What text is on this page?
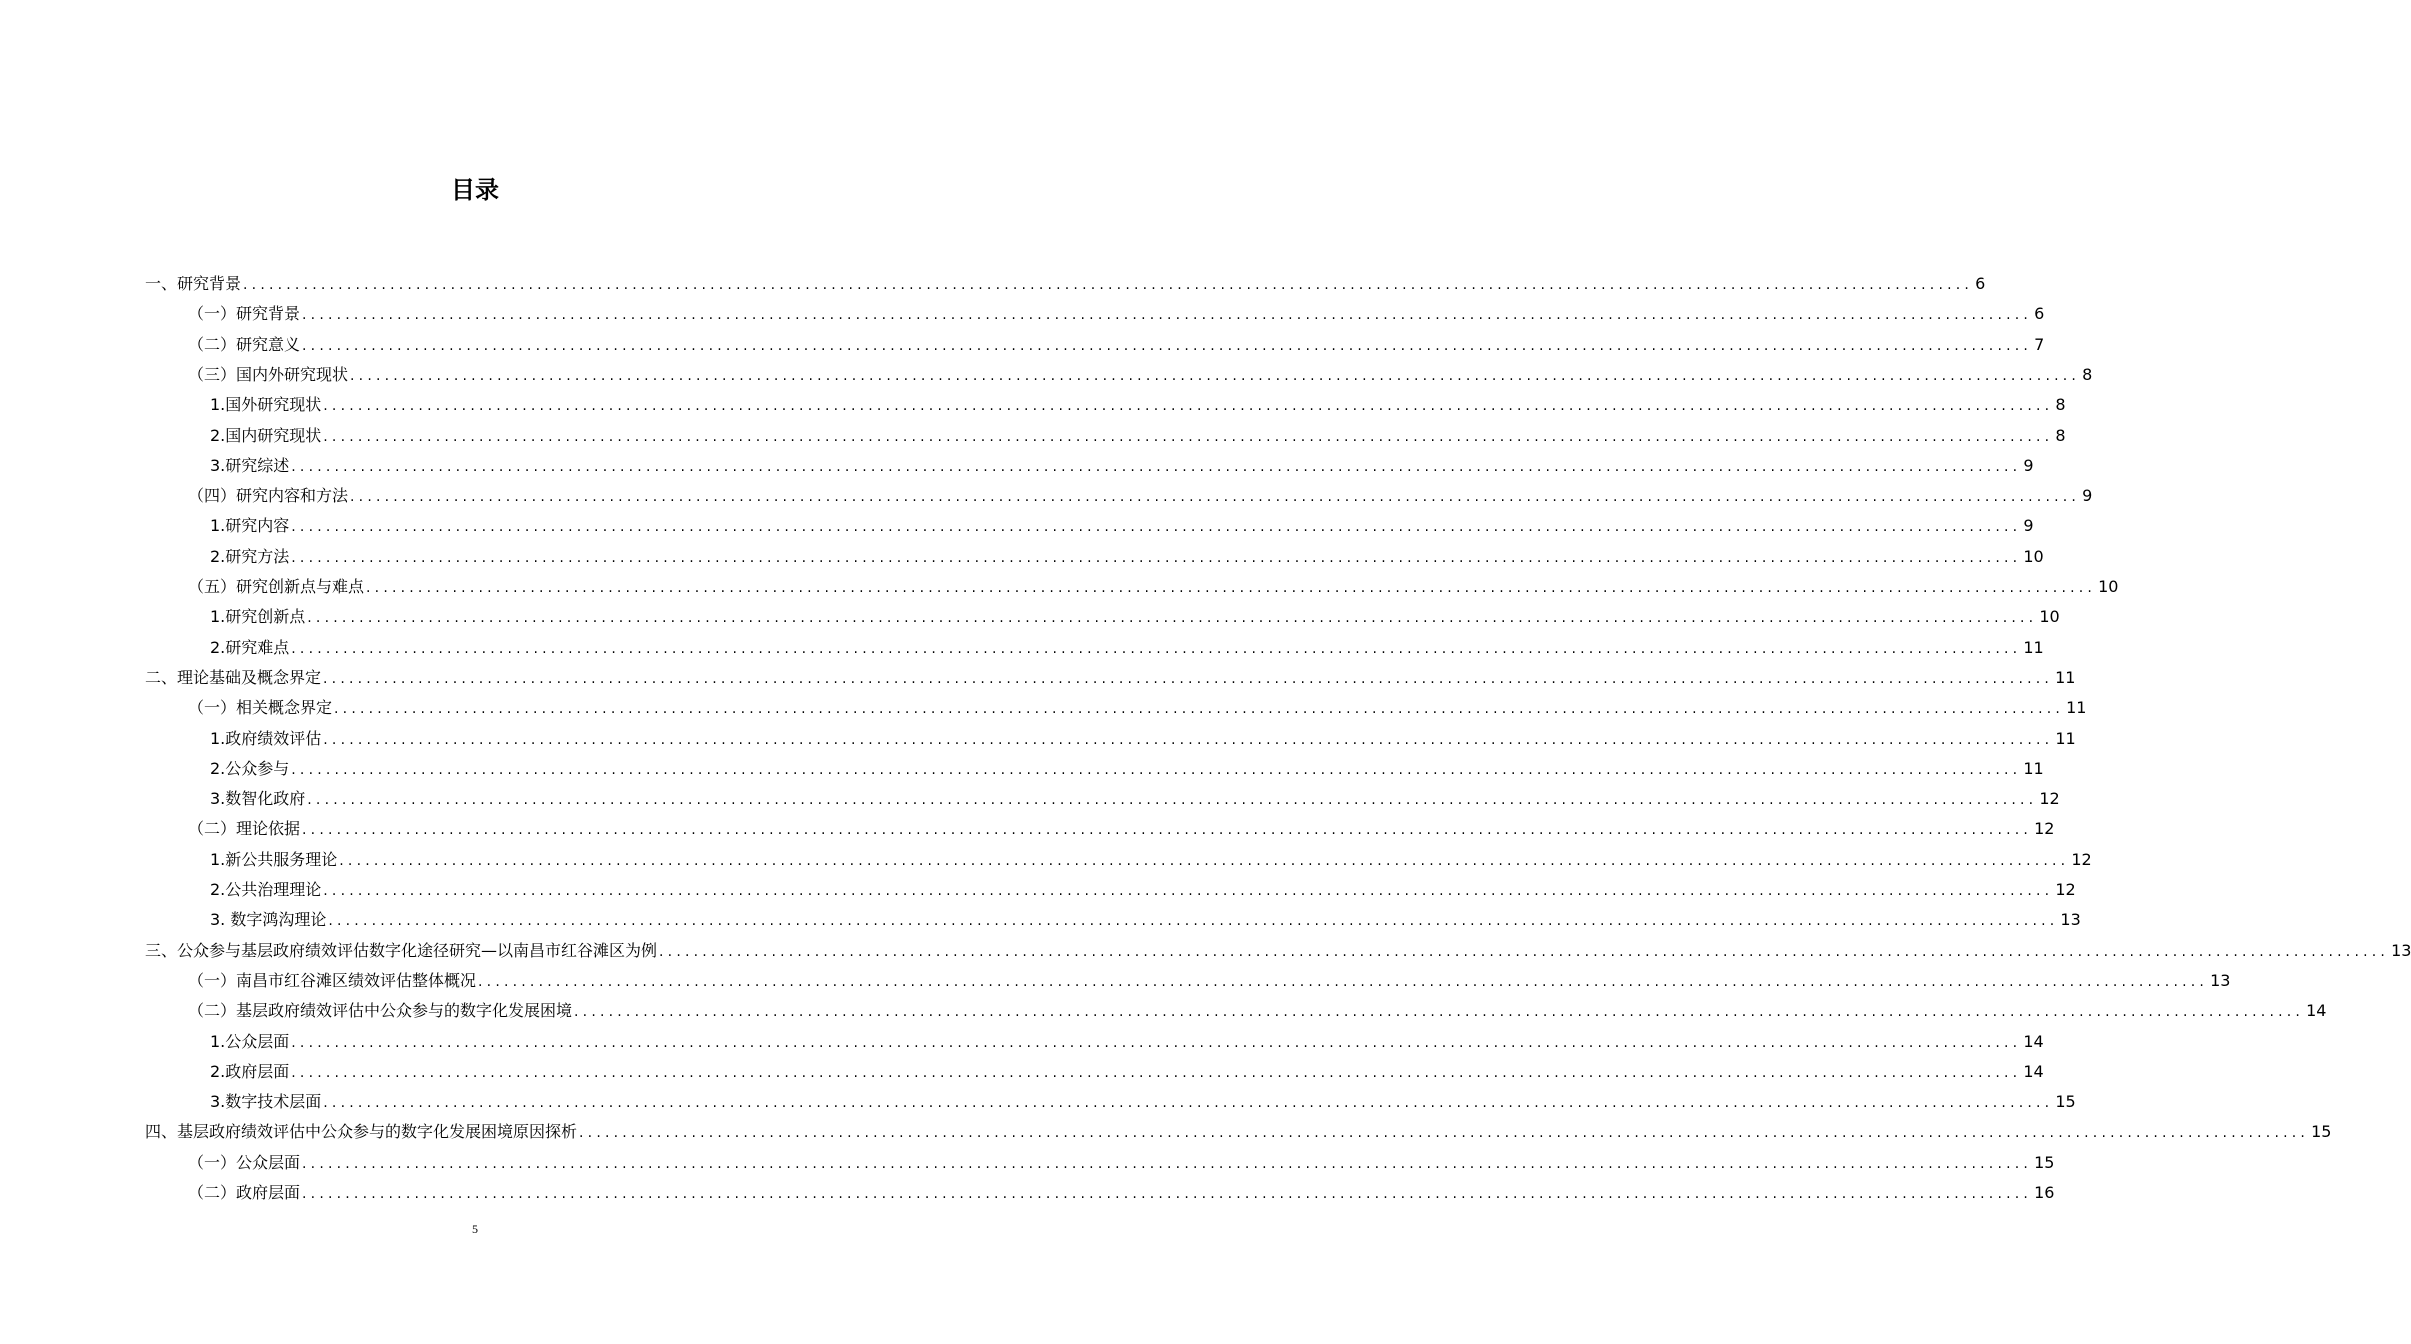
目录
一、研究背景 ........................................................................................................................................................................................................ 6
（一）研究背景 ........................................................................................................................................................................................................ 6
（二）研究意义 ........................................................................................................................................................................................................ 7
（三）国内外研究现状 ........................................................................................................................................................................................................ 8
1.国外研究现状 ........................................................................................................................................................................................................ 8
2.国内研究现状 ........................................................................................................................................................................................................ 8
3.研究综述 ........................................................................................................................................................................................................ 9
（四）研究内容和方法 ........................................................................................................................................................................................................ 9
1.研究内容 ........................................................................................................................................................................................................ 9
2.研究方法 ........................................................................................................................................................................................................ 10
（五）研究创新点与难点 ........................................................................................................................................................................................................ 10
1.研究创新点 ........................................................................................................................................................................................................ 10
2.研究难点 ........................................................................................................................................................................................................ 11
二、理论基础及概念界定 ........................................................................................................................................................................................................ 11
（一）相关概念界定 ........................................................................................................................................................................................................ 11
1.政府绩效评估 ........................................................................................................................................................................................................ 11
2.公众参与 ........................................................................................................................................................................................................ 11
3.数智化政府 ........................................................................................................................................................................................................ 12
（二）理论依据 ........................................................................................................................................................................................................ 12
1.新公共服务理论 ........................................................................................................................................................................................................ 12
2.公共治理理论 ........................................................................................................................................................................................................ 12
3. 数字鸿沟理论 ........................................................................................................................................................................................................ 13
三、公众参与基层政府绩效评估数字化途径研究—以南昌市红谷滩区为例 ........................................................................................................................................................................................................ 13
（一）南昌市红谷滩区绩效评估整体概况 ........................................................................................................................................................................................................ 13
（二）基层政府绩效评估中公众参与的数字化发展困境 ........................................................................................................................................................................................................ 14
1.公众层面 ........................................................................................................................................................................................................ 14
2.政府层面 ........................................................................................................................................................................................................ 14
3.数字技术层面 ........................................................................................................................................................................................................ 15
四、基层政府绩效评估中公众参与的数字化发展困境原因探析 ........................................................................................................................................................................................................ 15
（一）公众层面 ........................................................................................................................................................................................................ 15
（二）政府层面 ........................................................................................................................................................................................................ 16
5
